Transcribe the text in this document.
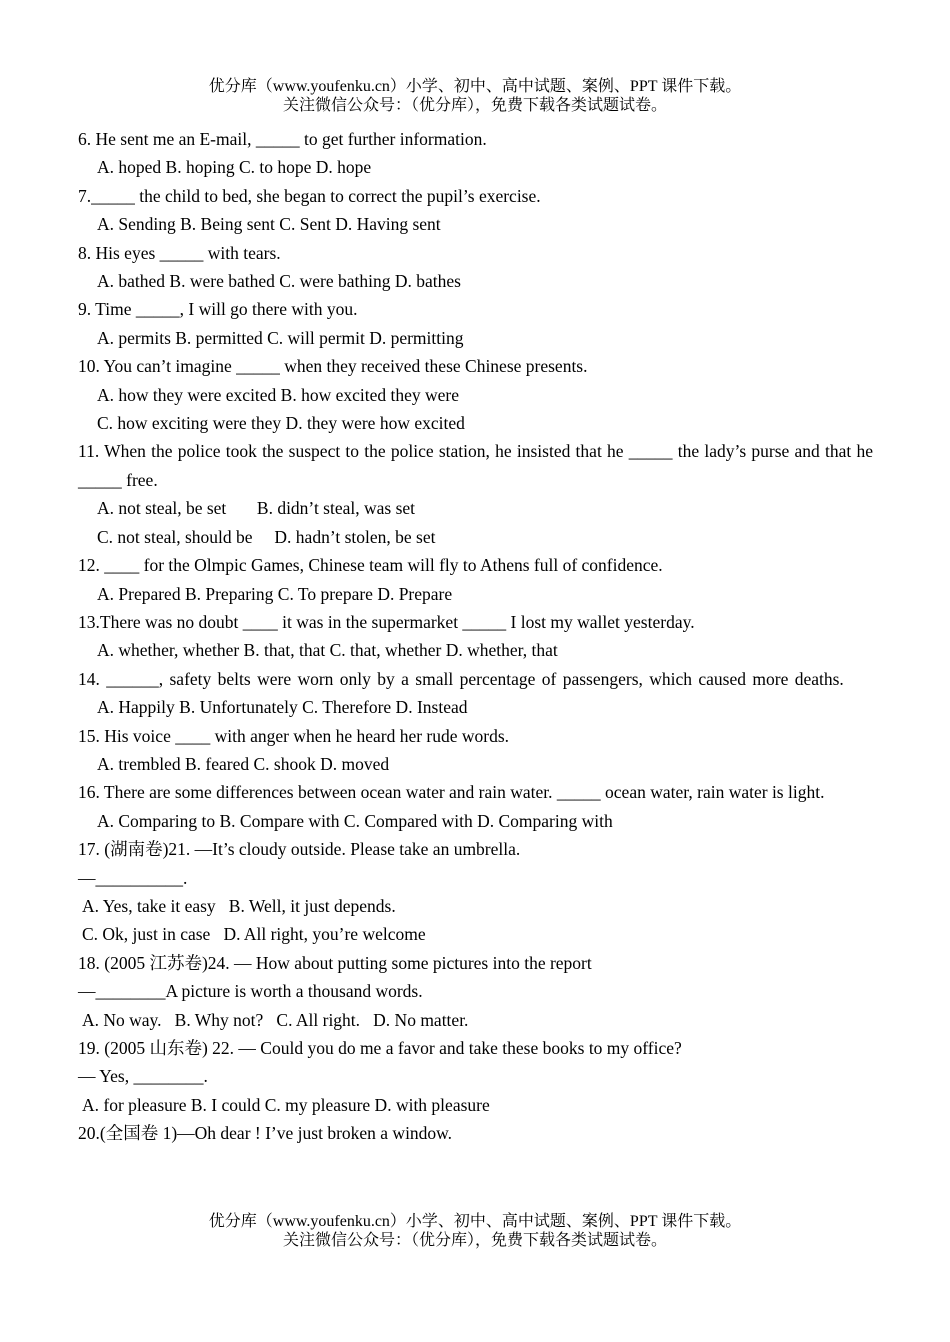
优分库（www.youfenku.cn）小学、初中、高中试题、案例、PPT 课件下载。
关注微信公众号：（优分库），免费下载各类试题试卷。
6. He sent me an E-mail, _____ to get further information.
A. hoped B. hoping C. to hope D. hope
7._____ the child to bed, she began to correct the pupil’s exercise.
A. Sending B. Being sent C. Sent D. Having sent
8. His eyes _____ with tears.
A. bathed B. were bathed C. were bathing D. bathes
9. Time _____, I will go there with you.
A. permits B. permitted C. will permit D. permitting
10. You can’t imagine _____ when they received these Chinese presents.
A. how they were excited B. how excited they were
C. how exciting were they D. they were how excited
11. When the police took the suspect to the police station, he insisted that he _____ the lady’s purse and that he _____ free.
A. not steal, be set       B. didn’t steal, was set
C. not steal, should be     D. hadn’t stolen, be set
12. ____ for the Olmpic Games, Chinese team will fly to Athens full of confidence.
A. Prepared B. Preparing C. To prepare D. Prepare
13.There was no doubt ____ it was in the supermarket _____ I lost my wallet yesterday.
A. whether, whether B. that, that C. that, whether D. whether, that
14. ______, safety belts were worn only by a small percentage of passengers, which caused more deaths.
A. Happily B. Unfortunately C. Therefore D. Instead
15. His voice ____ with anger when he heard her rude words.
A. trembled B. feared C. shook D. moved
16. There are some differences between ocean water and rain water. _____ ocean water, rain water is light.
A. Comparing to B. Compare with C. Compared with D. Comparing with
17. (湖南卷)21. —It’s cloudy outside. Please take an umbrella.
—__________.
A. Yes, take it easy   B. Well, it just depends.
C. Ok, just in case   D. All right, you’re welcome
18. (2005 江苏卷)24. — How about putting some pictures into the report
—________A picture is worth a thousand words.
A. No way.   B. Why not?   C. All right.   D. No matter.
19. (2005 山东卷) 22. — Could you do me a favor and take these books to my office?
— Yes, ________.
A. for pleasure B. I could C. my pleasure D. with pleasure
20.(全国卷 1)—Oh dear ! I’ve just broken a window.
优分库（www.youfenku.cn）小学、初中、高中试题、案例、PPT 课件下载。
关注微信公众号：（优分库），免费下载各类试题试卷。
